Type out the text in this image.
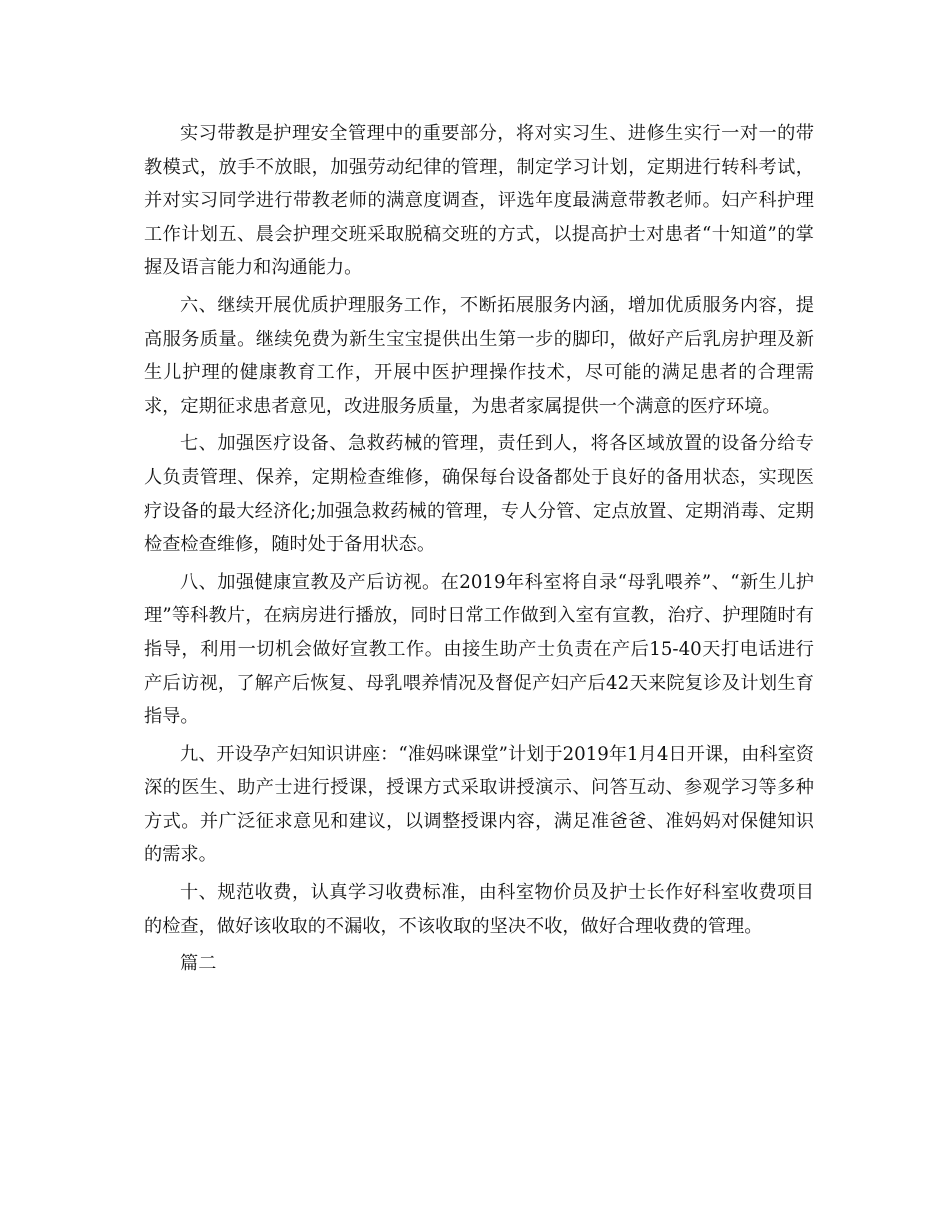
实习带教是护理安全管理中的重要部分，将对实习生、进修生实行一对一的带教模式，放手不放眼，加强劳动纪律的管理，制定学习计划，定期进行转科考试，并对实习同学进行带教老师的满意度调查，评选年度最满意带教老师。妇产科护理工作计划五、晨会护理交班采取脱稿交班的方式，以提高护士对患者“十知道”的掌握及语言能力和沟通能力。

六、继续开展优质护理服务工作，不断拓展服务内涵，增加优质服务内容，提高服务质量。继续免费为新生宝宝提供出生第一步的脚印，做好产后乳房护理及新生儿护理的健康教育工作，开展中医护理操作技术，尽可能的满足患者的合理需求，定期征求患者意见，改进服务质量，为患者家属提供一个满意的医疗环境。

七、加强医疗设备、急救药械的管理，责任到人，将各区域放置的设备分给专人负责管理、保养，定期检查维修，确保每台设备都处于良好的备用状态，实现医疗设备的最大经济化;加强急救药械的管理，专人分管、定点放置、定期消毒、定期检查检查维修，随时处于备用状态。

八、加强健康宣教及产后访视。在2019年科室将自录“母乳喂养”、“新生儿护理”等科教片，在病房进行播放，同时日常工作做到入室有宣教，治疗、护理随时有指导，利用一切机会做好宣教工作。由接生助产士负责在产后15-40天打电话进行产后访视，了解产后恢复、母乳喂养情况及督促产妇产后42天来院复诊及计划生育指导。

九、开设孕产妇知识讲座：“准妈咪课堂”计划于2019年1月4日开课，由科室资深的医生、助产士进行授课，授课方式采取讲授演示、问答互动、参观学习等多种方式。并广泛征求意见和建议，以调整授课内容，满足准爸爸、准妈妈对保健知识的需求。

十、规范收费，认真学习收费标准，由科室物价员及护士长作好科室收费项目的检查，做好该收取的不漏收，不该收取的坚决不收，做好合理收费的管理。

篇二
